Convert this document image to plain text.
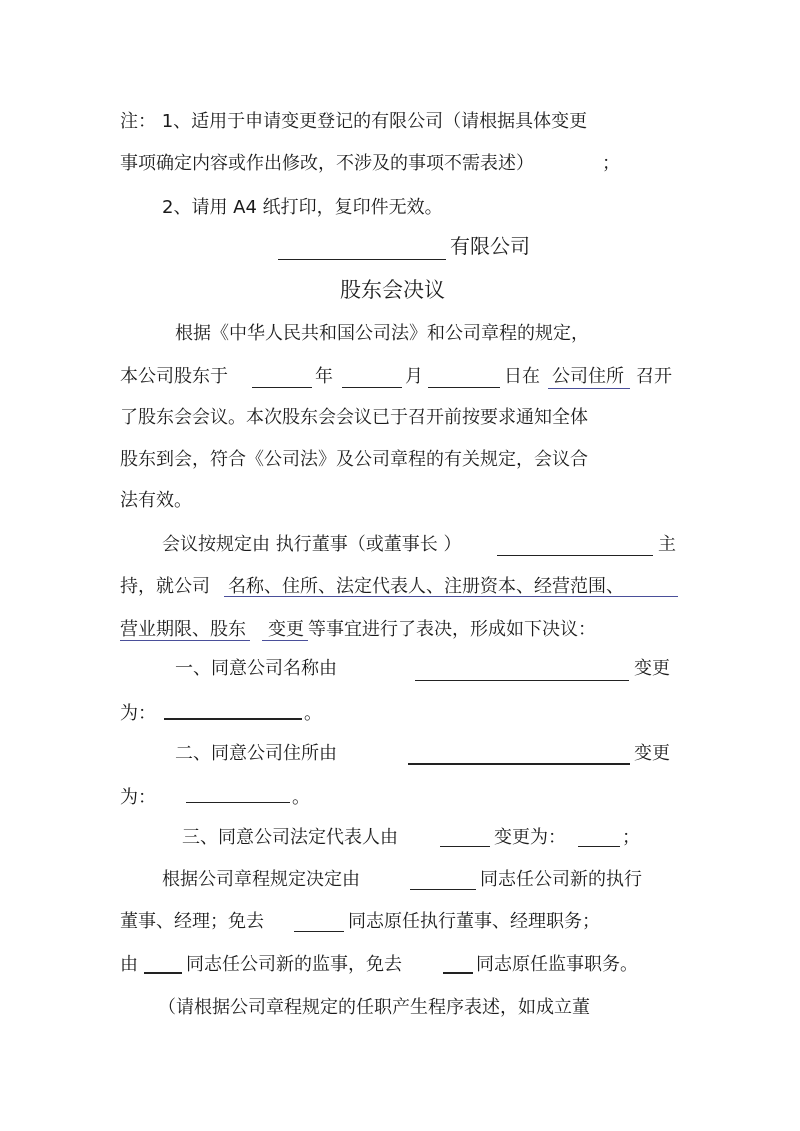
注： 1、适用于申请变更登记的有限公司（请根据具体变更
事项确定内容或作出修改，不涉及的事项不需表述）	；
2、请用 A4 纸打印，复印件无效。
有限公司
股东会决议
根据《中华人民共和国公司法》和公司章程的规定，
本公司股东于	年	月	日在 公司住所 召开
了股东会会议。本次股东会会议已于召开前按要求通知全体
股东到会，符合《公司法》及公司章程的有关规定，会议合
法有效。
会议按规定由 执行董事（或董事长 ）	主
持，就公司 名称、住所、法定代表人、注册资本、经营范围、
营业期限、股东 变更 等事宜进行了表决，形成如下决议：
一、同意公司名称由	变更
为：	。
二、同意公司住所由	变更
为：	。
三、同意公司法定代表人由	变更为：	；
根据公司章程规定决定由	同志任公司新的执行
董事、经理；免去	同志原任执行董事、经理职务；
由	同志任公司新的监事，免去	同志原任监事职务。
（请根据公司章程规定的任职产生程序表述，如成立董
